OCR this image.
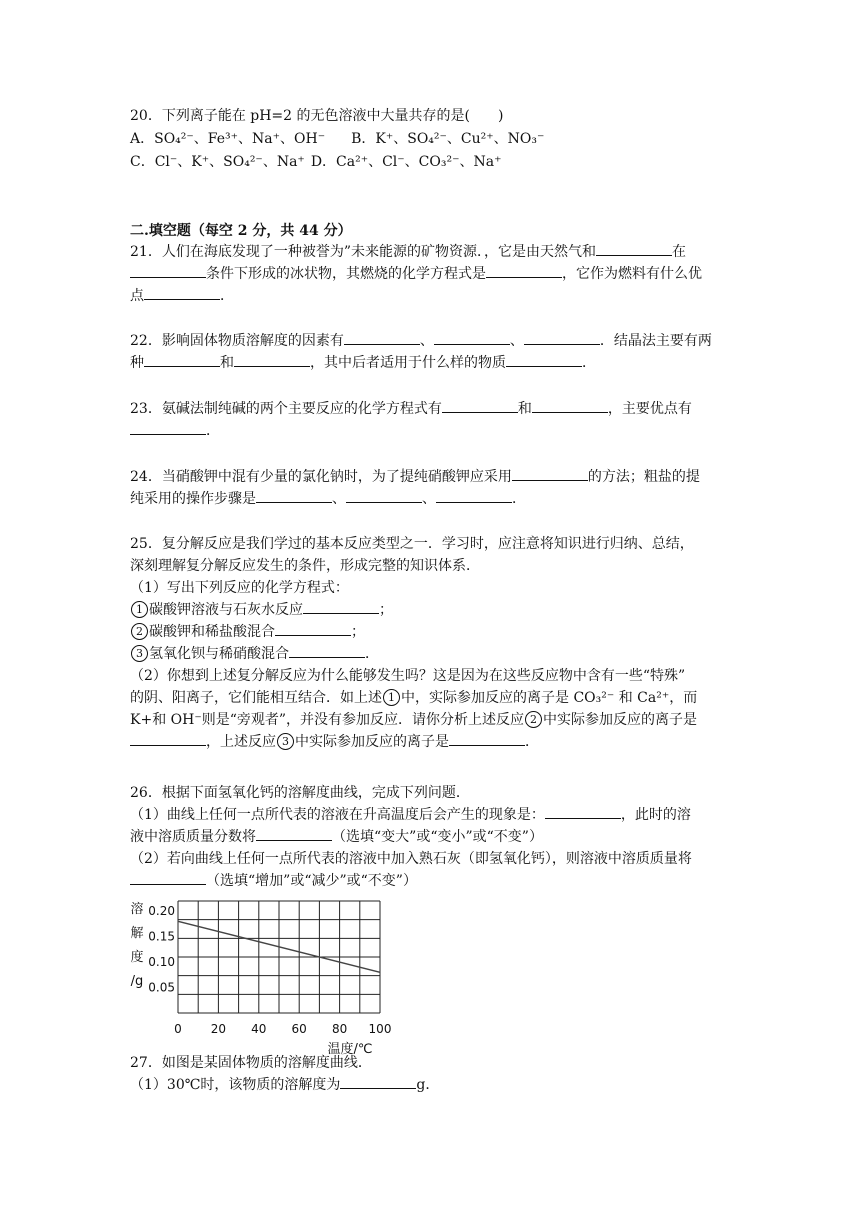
20．下列离子能在 pH=2 的无色溶液中大量共存的是(　　)
A．SO₄²⁻、Fe³⁺、Na⁺、OH⁻ B．K⁺、SO₄²⁻、Cu²⁺、NO₃⁻
C．Cl⁻、K⁺、SO₄²⁻、Na⁺ D．Ca²⁺、Cl⁻、CO₃²⁻、Na⁺
二.填空题（每空 2 分，共 44 分）
21．人们在海底发现了一种被誉为”未来能源的矿物资源．，它是由天然气和	在
条件下形成的冰状物，其燃烧的化学方程式是	，它作为燃料有什么优
点	．
22．影响固体物质溶解度的因素有	、	、	．结晶法主要有两
种	和	，其中后者适用于什么样的物质	．
23．氨碱法制纯碱的两个主要反应的化学方程式有	和	，主要优点有
．
24．当硝酸钾中混有少量的氯化钠时，为了提纯硝酸钾应采用	的方法；粗盐的提
纯采用的操作步骤是	、	、	．
25．复分解反应是我们学过的基本反应类型之一．学习时，应注意将知识进行归纳、总结，
深刻理解复分解反应发生的条件，形成完整的知识体系．
（1）写出下列反应的化学方程式：
1 碳酸钾溶液与石灰水反应	；
2 碳酸钾和稀盐酸混合	；
3 氢氧化钡与稀硝酸混合	．
（2）你想到上述复分解反应为什么能够发生吗？这是因为在这些反应物中含有一些“特殊”
的阴、阳离子，它们能相互结合．如上述 1 中，实际参加反应的离子是 CO₃²⁻ 和 Ca²⁺，而
K+和 OH⁻则是“旁观者”，并没有参加反应．请你分析上述反应 2 中实际参加反应的离子是
，上述反应 3 中实际参加反应的离子是	．
26．根据下面氢氧化钙的溶解度曲线，完成下列问题．
（1）曲线上任何一点所代表的溶液在升高温度后会产生的现象是：	，此时的溶
液中溶质质量分数将	（选填“变大”或“变小”或“不变”）
（2）若向曲线上任何一点所代表的溶液中加入熟石灰（即氢氧化钙），则溶液中溶质质量将
（选填“增加”或“减少”或“不变”）
0.20
0.15
0.10
0.05
0 20 40 60 80 100
溶
解
度
/g
温度/℃
27．如图是某固体物质的溶解度曲线．
（1）30℃时，该物质的溶解度为	g．
